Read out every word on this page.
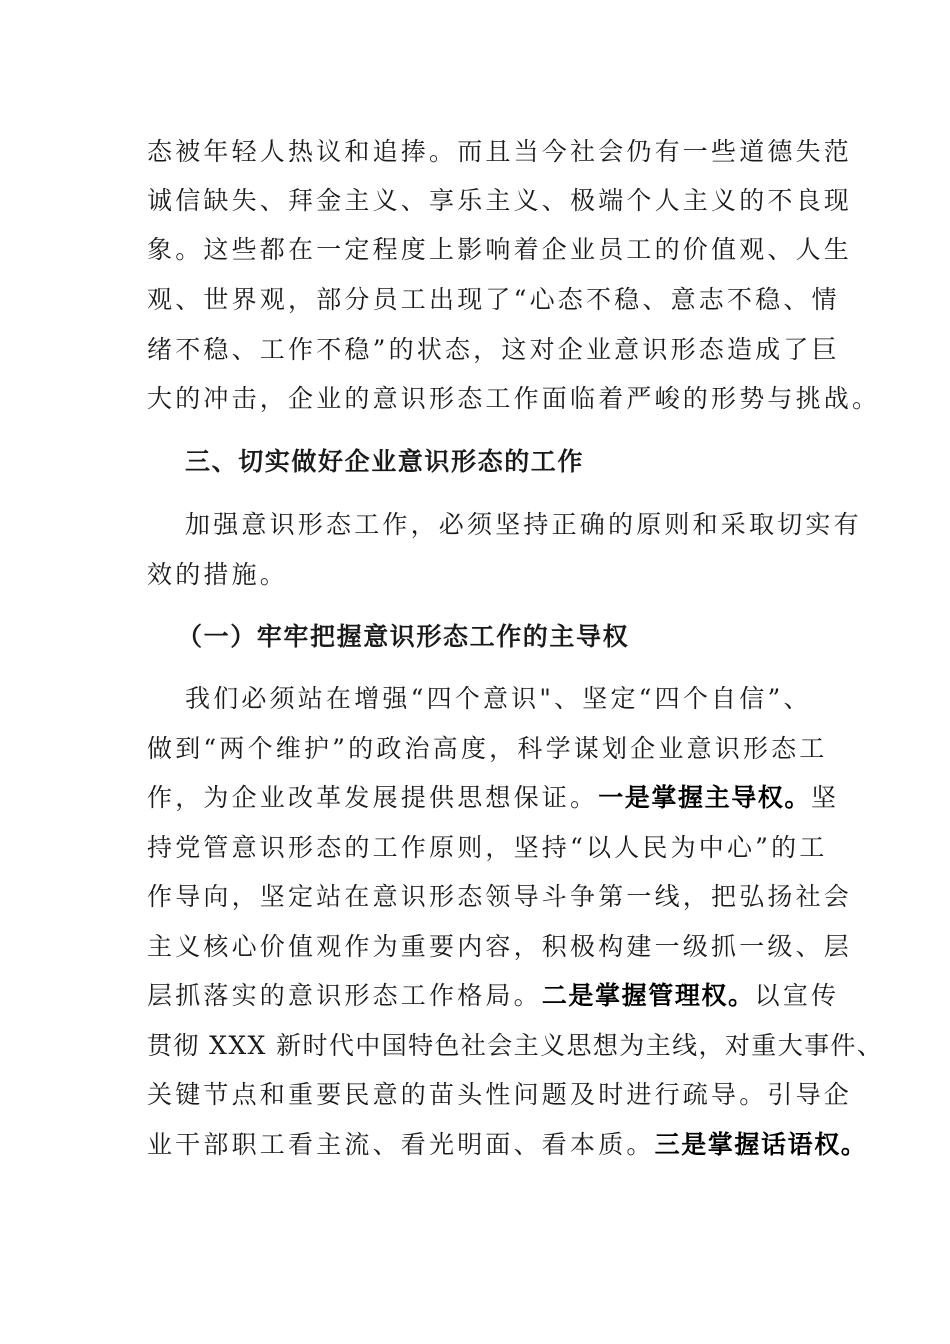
态被年轻人热议和追捧。而且当今社会仍有一些道德失范
诚信缺失、拜金主义、享乐主义、极端个人主义的不良现
象。这些都在一定程度上影响着企业员工的价值观、人生
观、世界观，部分员工出现了“心态不稳、意志不稳、情
绪不稳、工作不稳”的状态，这对企业意识形态造成了巨
大的冲击，企业的意识形态工作面临着严峻的形势与挑战。
三、切实做好企业意识形态的工作
加强意识形态工作，必须坚持正确的原则和采取切实有
效的措施。
（一）牢牢把握意识形态工作的主导权
我们必须站在增强“四个意识"、坚定“四个自信”、
做到“两个维护”的政治高度，科学谋划企业意识形态工
作，为企业改革发展提供思想保证。一是掌握主导权。坚
持党管意识形态的工作原则，坚持“以人民为中心”的工
作导向，坚定站在意识形态领导斗争第一线，把弘扬社会
主义核心价值观作为重要内容，积极构建一级抓一级、层
层抓落实的意识形态工作格局。二是掌握管理权。以宣传
贯彻 XXX 新时代中国特色社会主义思想为主线，对重大事件、
关键节点和重要民意的苗头性问题及时进行疏导。引导企
业干部职工看主流、看光明面、看本质。三是掌握话语权。
